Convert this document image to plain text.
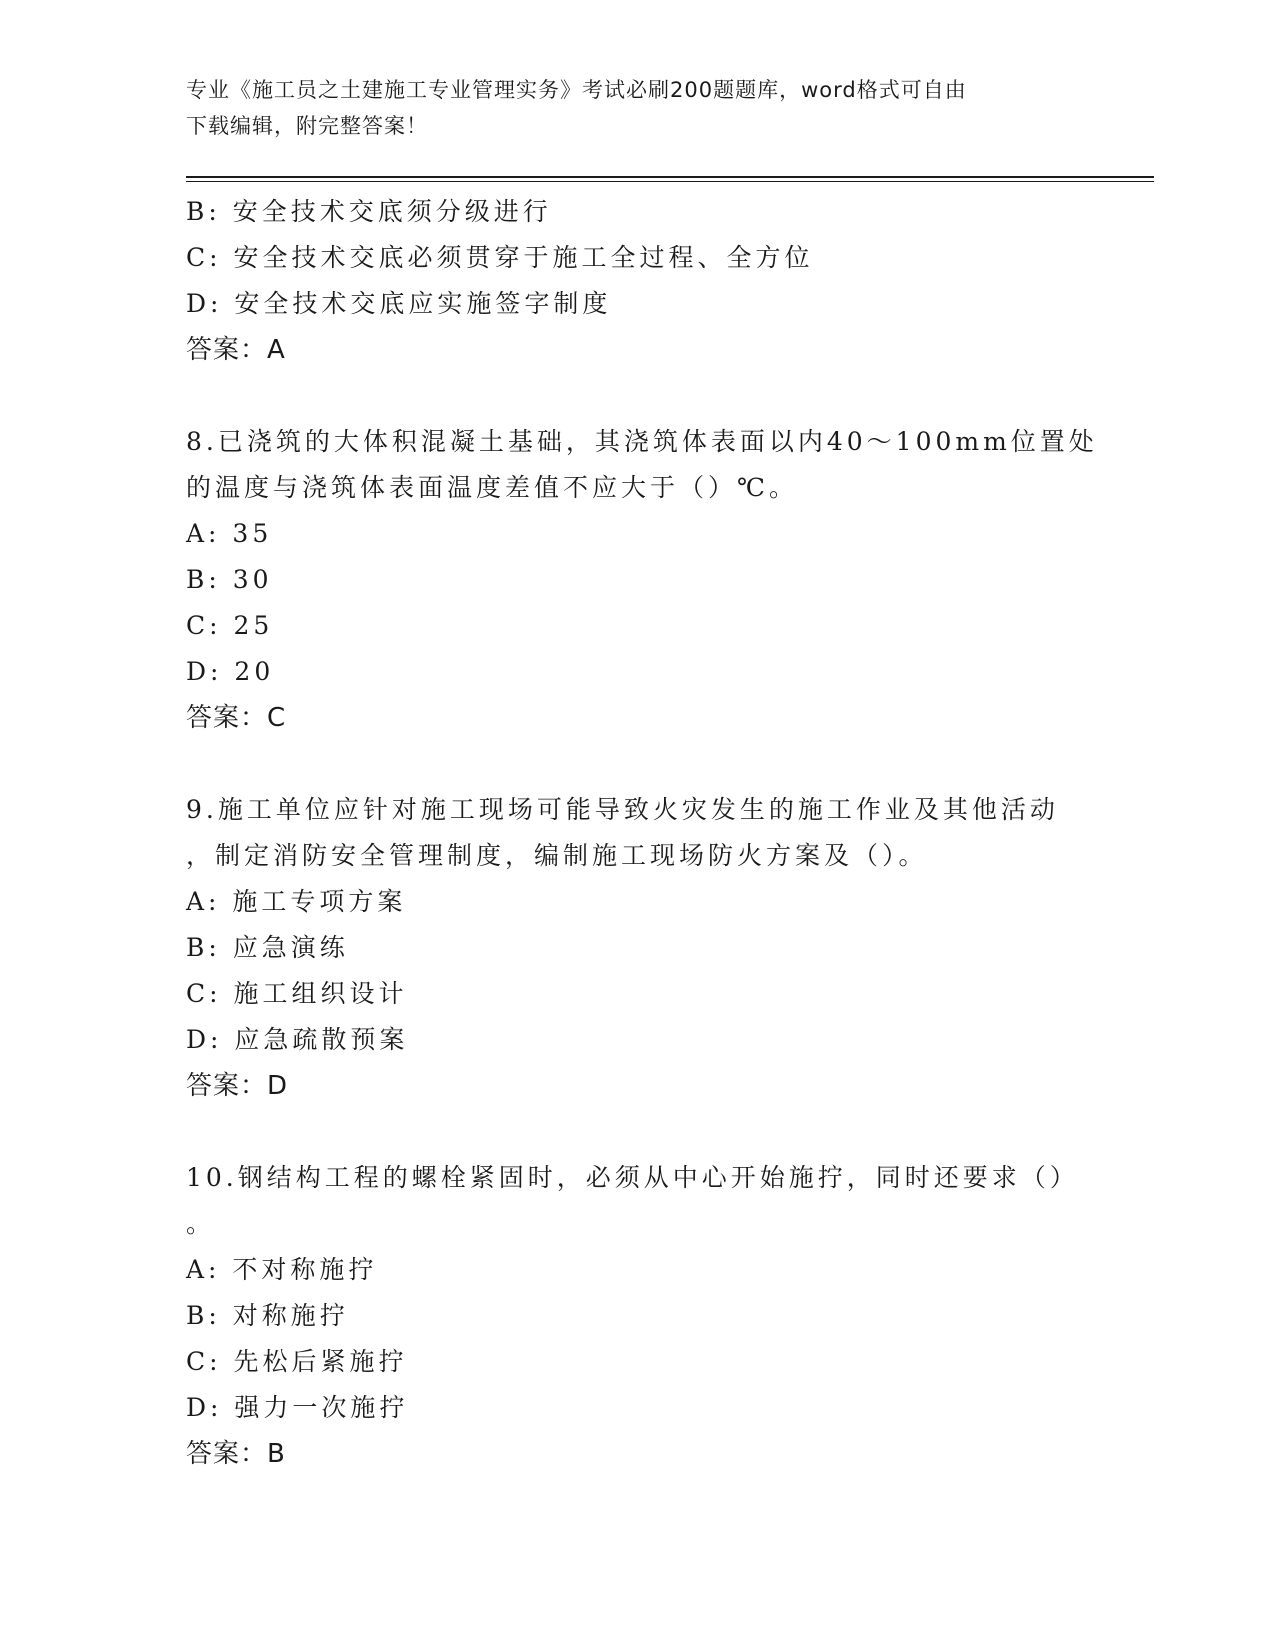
专业《施工员之土建施工专业管理实务》考试必刷200题题库，word格式可自由
下载编辑，附完整答案！
B: 安全技术交底须分级进行
C: 安全技术交底必须贯穿于施工全过程、全方位
D: 安全技术交底应实施签字制度
答案：A
8.已浇筑的大体积混凝土基础，其浇筑体表面以内40～100mm位置处
的温度与浇筑体表面温度差值不应大于（）℃。
A: 35
B: 30
C: 25
D: 20
答案：C
9.施工单位应针对施工现场可能导致火灾发生的施工作业及其他活动
，制定消防安全管理制度，编制施工现场防火方案及（）。
A: 施工专项方案
B: 应急演练
C: 施工组织设计
D: 应急疏散预案
答案：D
10.钢结构工程的螺栓紧固时，必须从中心开始施拧，同时还要求（）
。
A: 不对称施拧
B: 对称施拧
C: 先松后紧施拧
D: 强力一次施拧
答案：B
